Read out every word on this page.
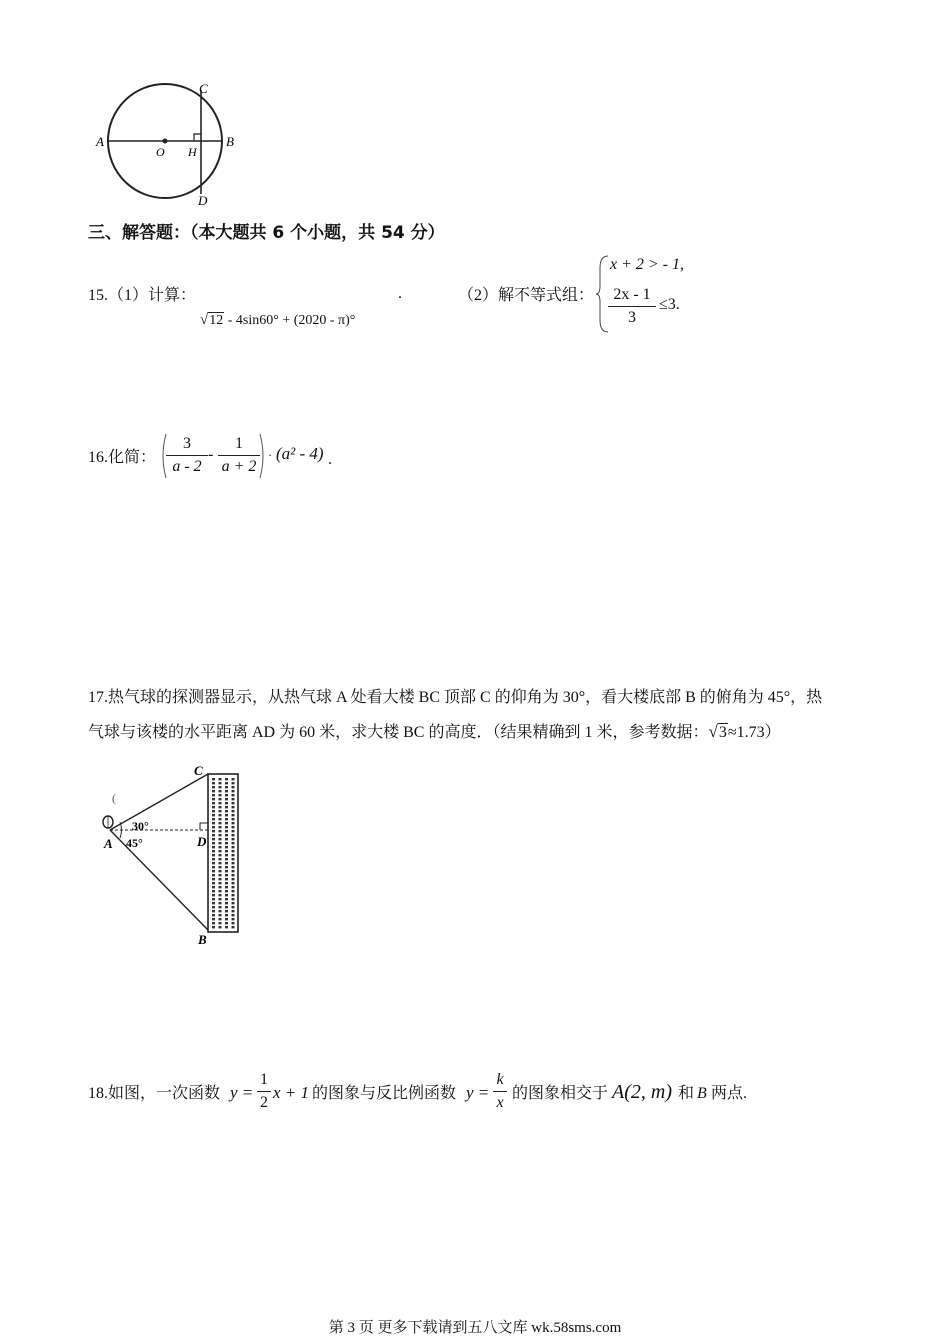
A	B
C
D
O H
三、解答题：（本大题共 6 个小题，共 54 分）
15.（1）计算：
√12 - 4sin60° + (2020 - π)°
.	（2）解不等式组：
x + 2 > - 1,
2x - 1
3
≤3.
16.化简：
3
a - 2
-
1
a + 2
· (a² - 4) .
17.热气球的探测器显示，从热气球 A 处看大楼 BC 顶部 C 的仰角为 30°，看大楼底部 B 的俯角为 45°，热
气球与该楼的水平距离 AD 为 60 米，求大楼 BC 的高度．（结果精确到 1 米，参考数据：√3≈1.73）
A
C
D
B
30°
45°
(
18.如图，一次函数 y =
1
2
x + 1 的图象与反比例函数 y =
k
x
的图象相交于 A(2, m) 和 B 两点.
第 3 页 更多下载请到五八文库 wk.58sms.com
